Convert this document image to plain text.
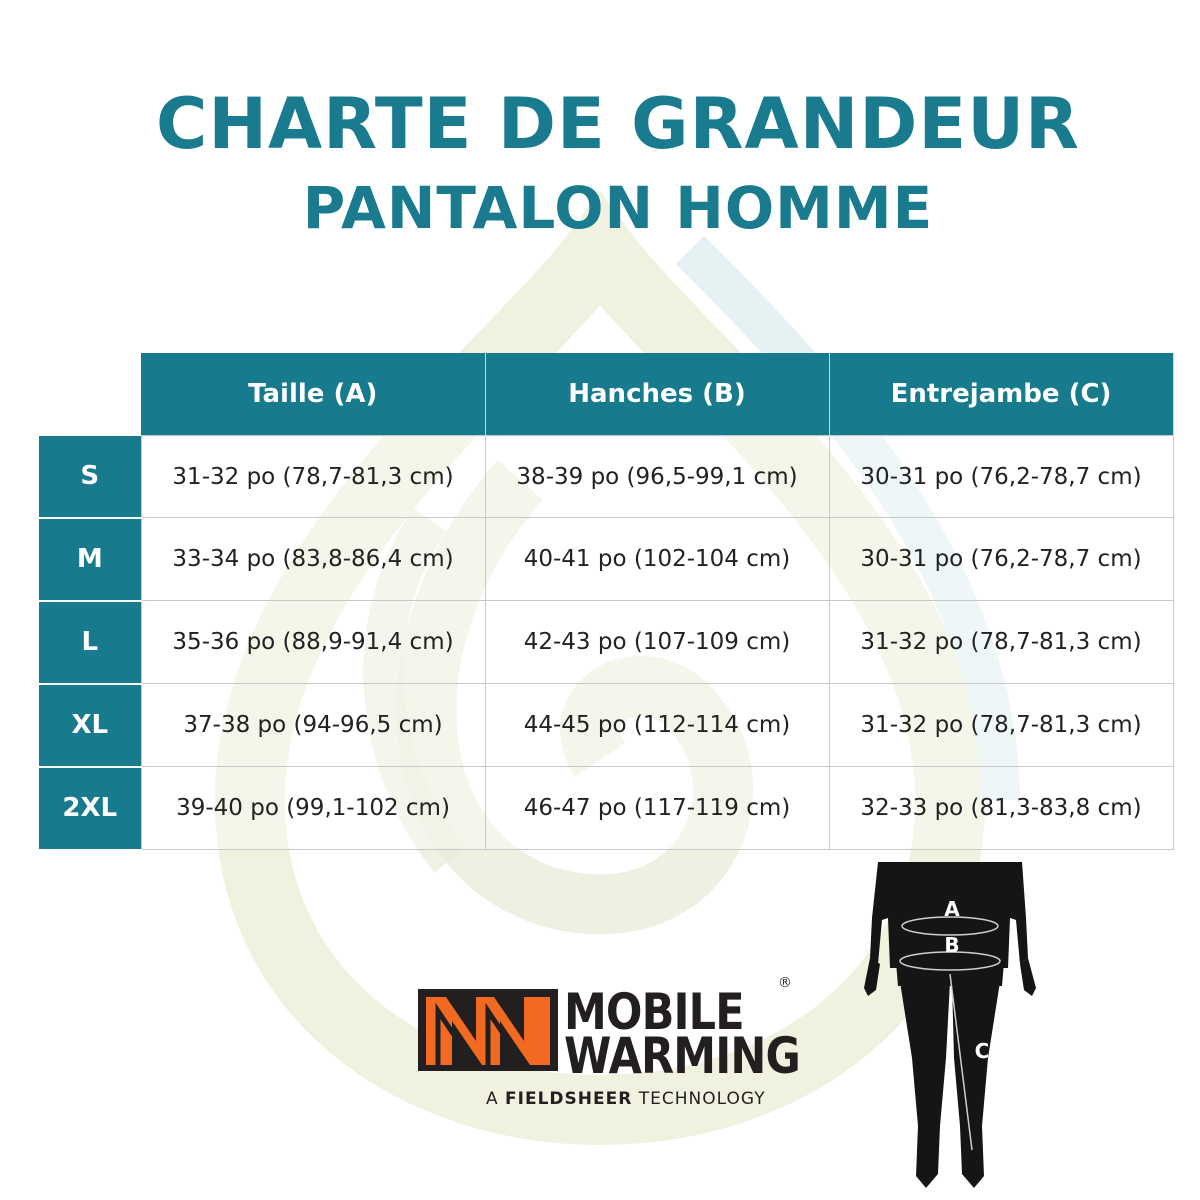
CHARTE DE GRANDEUR
PANTALON HOMME
	Taille (A)	Hanches (B)	Entrejambe (C)
S	31-32 po (78,7-81,3 cm)	38-39 po (96,5-99,1 cm)	30-31 po (76,2-78,7 cm)
M	33-34 po (83,8-86,4 cm)	40-41 po (102-104 cm)	30-31 po (76,2-78,7 cm)
L	35-36 po (88,9-91,4 cm)	42-43 po (107-109 cm)	31-32 po (78,7-81,3 cm)
XL	37-38 po (94-96,5 cm)	44-45 po (112-114 cm)	31-32 po (78,7-81,3 cm)
2XL	39-40 po (99,1-102 cm)	46-47 po (117-119 cm)	32-33 po (81,3-83,8 cm)
MOBILE
WARMING
®
A FIELDSHEER TECHNOLOGY
A
B
C
